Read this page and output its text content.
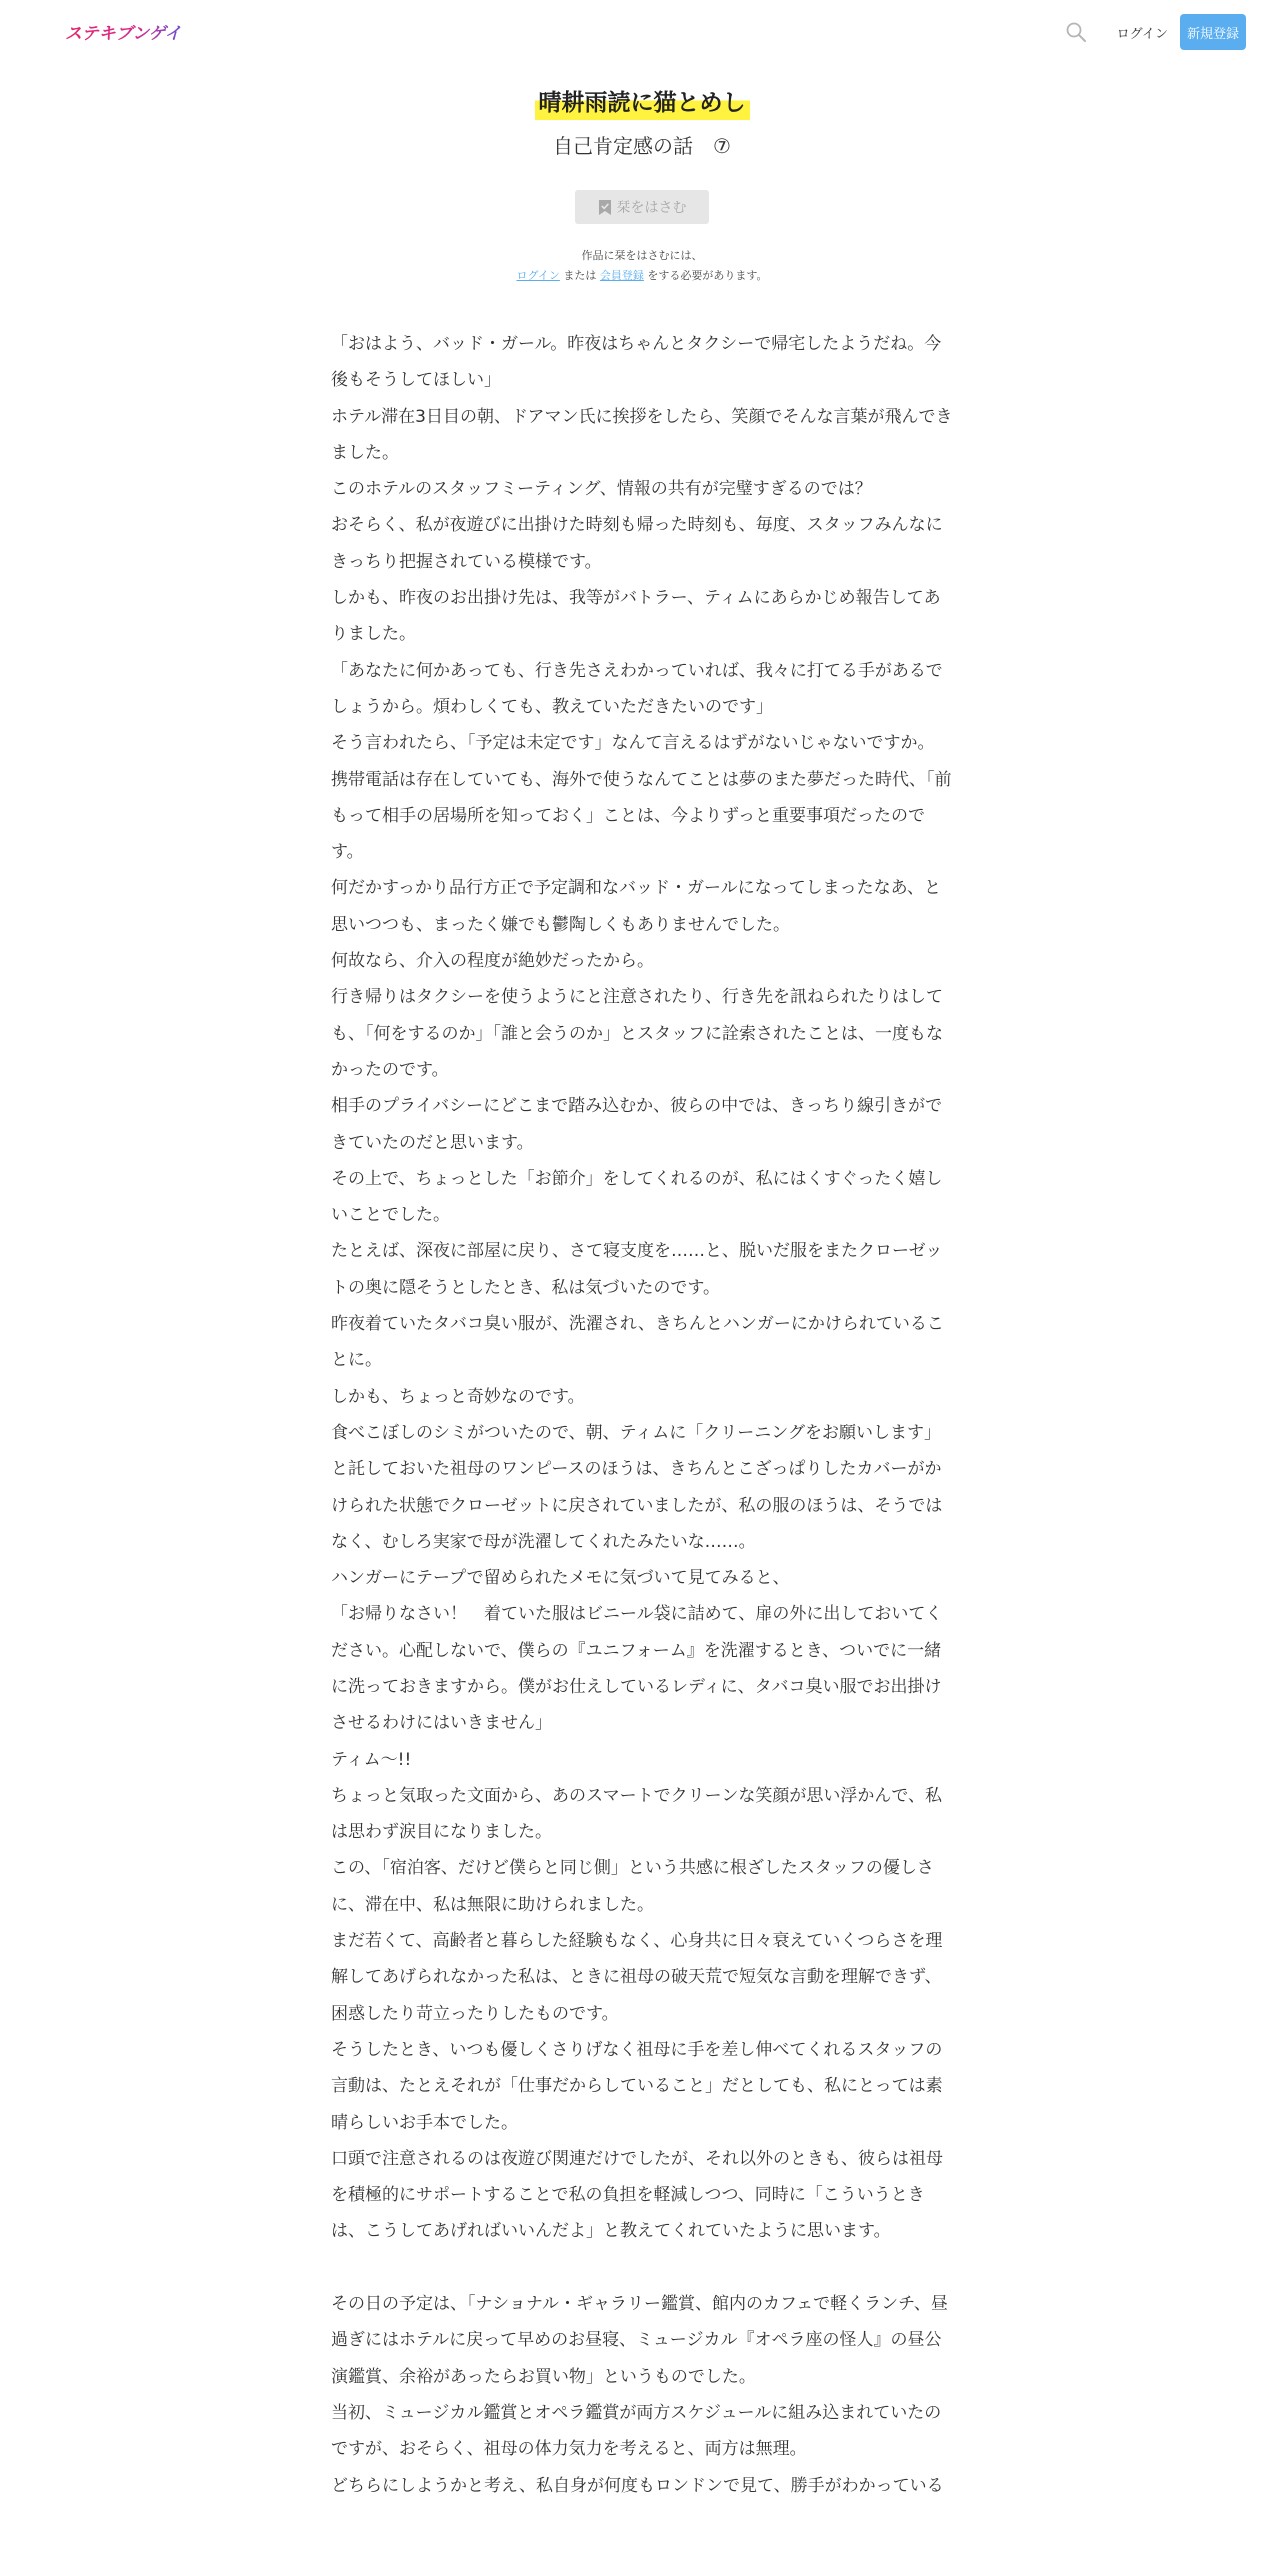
ステキブンゲイ	ログイン	新規登録
晴耕雨読に猫とめし
自己肯定感の話　⑦
栞をはさむ
作品に栞をはさむには、
ログイン または 会員登録 をする必要があります。

「おはよう、バッド・ガール。昨夜はちゃんとタクシーで帰宅したようだね。今後もそうしてほしい」

ホテル滞在3日目の朝、ドアマン氏に挨拶をしたら、笑顔でそんな言葉が飛んできました。

このホテルのスタッフミーティング、情報の共有が完璧すぎるのでは？

おそらく、私が夜遊びに出掛けた時刻も帰った時刻も、毎度、スタッフみんなにきっちり把握されている模様です。

しかも、昨夜のお出掛け先は、我等がバトラー、ティムにあらかじめ報告してありました。

「あなたに何かあっても、行き先さえわかっていれば、我々に打てる手があるでしょうから。煩わしくても、教えていただきたいのです」

そう言われたら、「予定は未定です」なんて言えるはずがないじゃないですか。

携帯電話は存在していても、海外で使うなんてことは夢のまた夢だった時代、「前もって相手の居場所を知っておく」ことは、今よりずっと重要事項だったのです。

何だかすっかり品行方正で予定調和なバッド・ガールになってしまったなあ、と思いつつも、まったく嫌でも鬱陶しくもありませんでした。

何故なら、介入の程度が絶妙だったから。

行き帰りはタクシーを使うようにと注意されたり、行き先を訊ねられたりはしても、「何をするのか」「誰と会うのか」とスタッフに詮索されたことは、一度もなかったのです。

相手のプライバシーにどこまで踏み込むか、彼らの中では、きっちり線引きができていたのだと思います。

その上で、ちょっとした「お節介」をしてくれるのが、私にはくすぐったく嬉しいことでした。

たとえば、深夜に部屋に戻り、さて寝支度を……と、脱いだ服をまたクローゼットの奥に隠そうとしたとき、私は気づいたのです。

昨夜着ていたタバコ臭い服が、洗濯され、きちんとハンガーにかけられていることに。

しかも、ちょっと奇妙なのです。

食べこぼしのシミがついたので、朝、ティムに「クリーニングをお願いします」と託しておいた祖母のワンピースのほうは、きちんとこざっぱりしたカバーがかけられた状態でクローゼットに戻されていましたが、私の服のほうは、そうではなく、むしろ実家で母が洗濯してくれたみたいな……。

ハンガーにテープで留められたメモに気づいて見てみると、

「お帰りなさい！　着ていた服はビニール袋に詰めて、扉の外に出しておいてください。心配しないで、僕らの『ユニフォーム』を洗濯するとき、ついでに一緒に洗っておきますから。僕がお仕えしているレディに、タバコ臭い服でお出掛けさせるわけにはいきません」

ティム～!!

ちょっと気取った文面から、あのスマートでクリーンな笑顔が思い浮かんで、私は思わず涙目になりました。

この、「宿泊客、だけど僕らと同じ側」という共感に根ざしたスタッフの優しさに、滞在中、私は無限に助けられました。

まだ若くて、高齢者と暮らした経験もなく、心身共に日々衰えていくつらさを理解してあげられなかった私は、ときに祖母の破天荒で短気な言動を理解できず、困惑したり苛立ったりしたものです。

そうしたとき、いつも優しくさりげなく祖母に手を差し伸べてくれるスタッフの言動は、たとえそれが「仕事だからしていること」だとしても、私にとっては素晴らしいお手本でした。

口頭で注意されるのは夜遊び関連だけでしたが、それ以外のときも、彼らは祖母を積極的にサポートすることで私の負担を軽減しつつ、同時に「こういうときは、こうしてあげればいいんだよ」と教えてくれていたように思います。

その日の予定は、「ナショナル・ギャラリー鑑賞、館内のカフェで軽くランチ、昼過ぎにはホテルに戻って早めのお昼寝、ミュージカル『オペラ座の怪人』の昼公演鑑賞、余裕があったらお買い物」というものでした。

当初、ミュージカル鑑賞とオペラ鑑賞が両方スケジュールに組み込まれていたのですが、おそらく、祖母の体力気力を考えると、両方は無理。

どちらにしようかと考え、私自身が何度もロンドンで見て、勝手がわかっている
